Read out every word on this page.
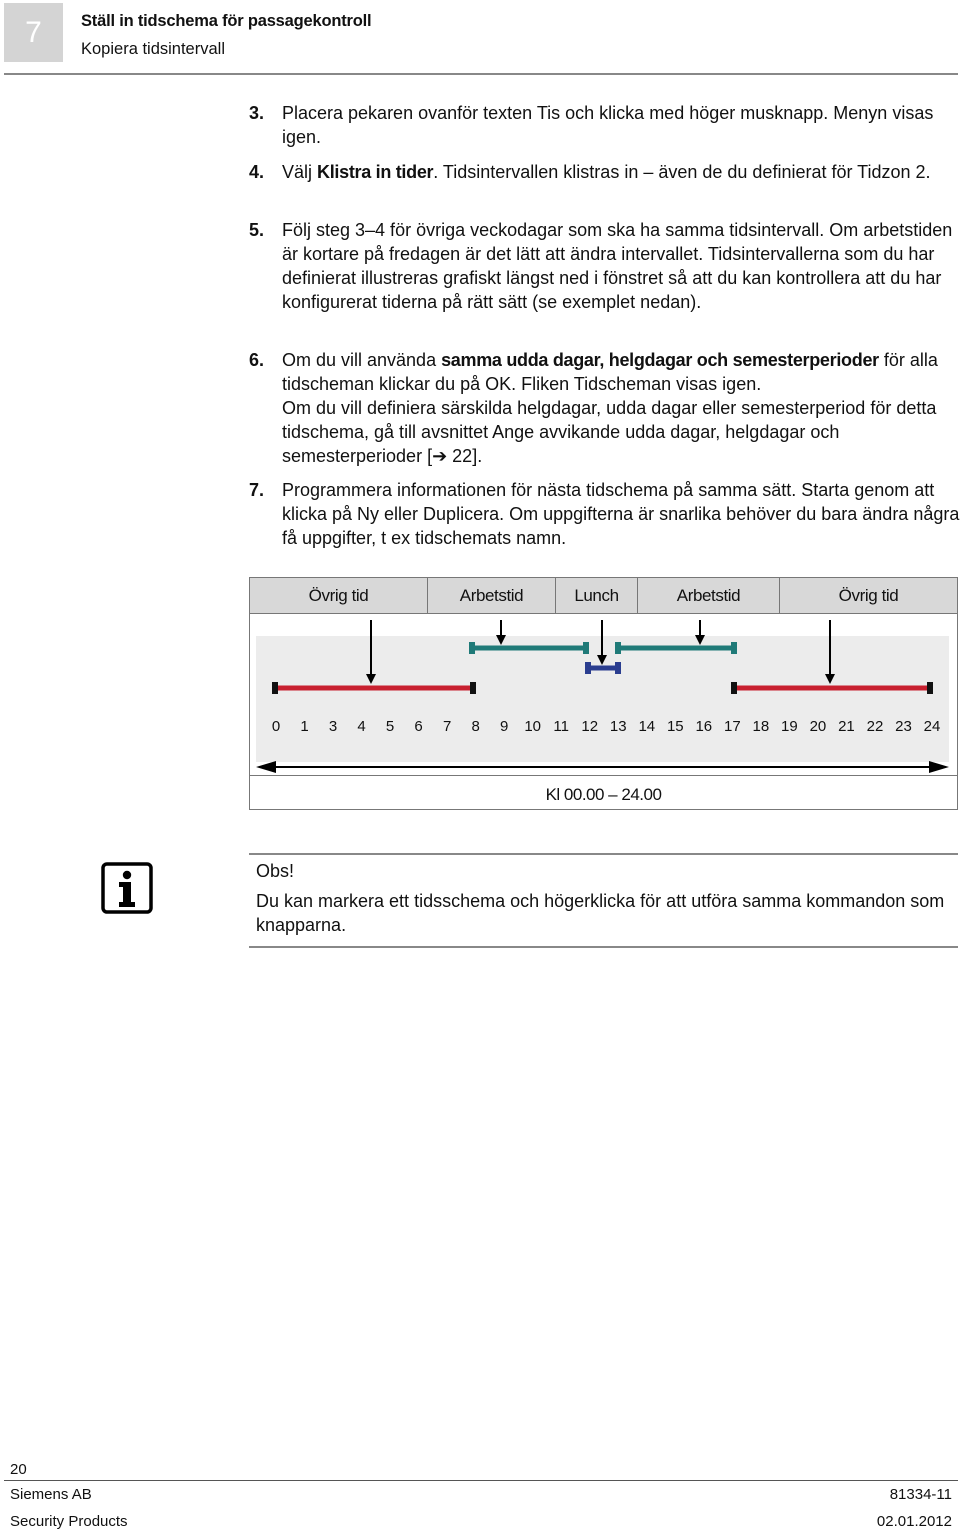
7 Ställ in tidschema för passagekontroll
Kopiera tidsintervall
3. Placera pekaren ovanför texten Tis och klicka med höger musknapp. Menyn visas igen.
4. Välj Klistra in tider. Tidsintervallen klistras in – även de du definierat för Tidzon 2.
5. Följ steg 3–4 för övriga veckodagar som ska ha samma tidsintervall. Om arbetstiden är kortare på fredagen är det lätt att ändra intervallet. Tidsintervallerna som du har definierat illustreras grafiskt längst ned i fönstret så att du kan kontrollera att du har konfigurerat tiderna på rätt sätt (se exemplet nedan).
6. Om du vill använda samma udda dagar, helgdagar och semesterperioder för alla tidscheman klickar du på OK. Fliken Tidscheman visas igen.
Om du vill definiera särskilda helgdagar, udda dagar eller semesterperiod för detta tidschema, gå till avsnittet Ange avvikande udda dagar, helgdagar och semesterperioder [➔ 22].
7. Programmera informationen för nästa tidschema på samma sätt. Starta genom att klicka på Ny eller Duplicera. Om uppgifterna är snarlika behöver du bara ändra några få uppgifter, t ex tidschemats namn.
Övrig tid	Arbetstid	Lunch	Arbetstid	Övrig tid
0 1 3 4 5 6 7 8 9 10 11 12 13 14 15 16 17 18 19 20 21 22 23 24
Kl 00.00 – 24.00
Obs!
Du kan markera ett tidsschema och högerklicka för att utföra samma kommandon som knapparna.
20
Siemens AB	81334-11
Security Products	02.01.2012
